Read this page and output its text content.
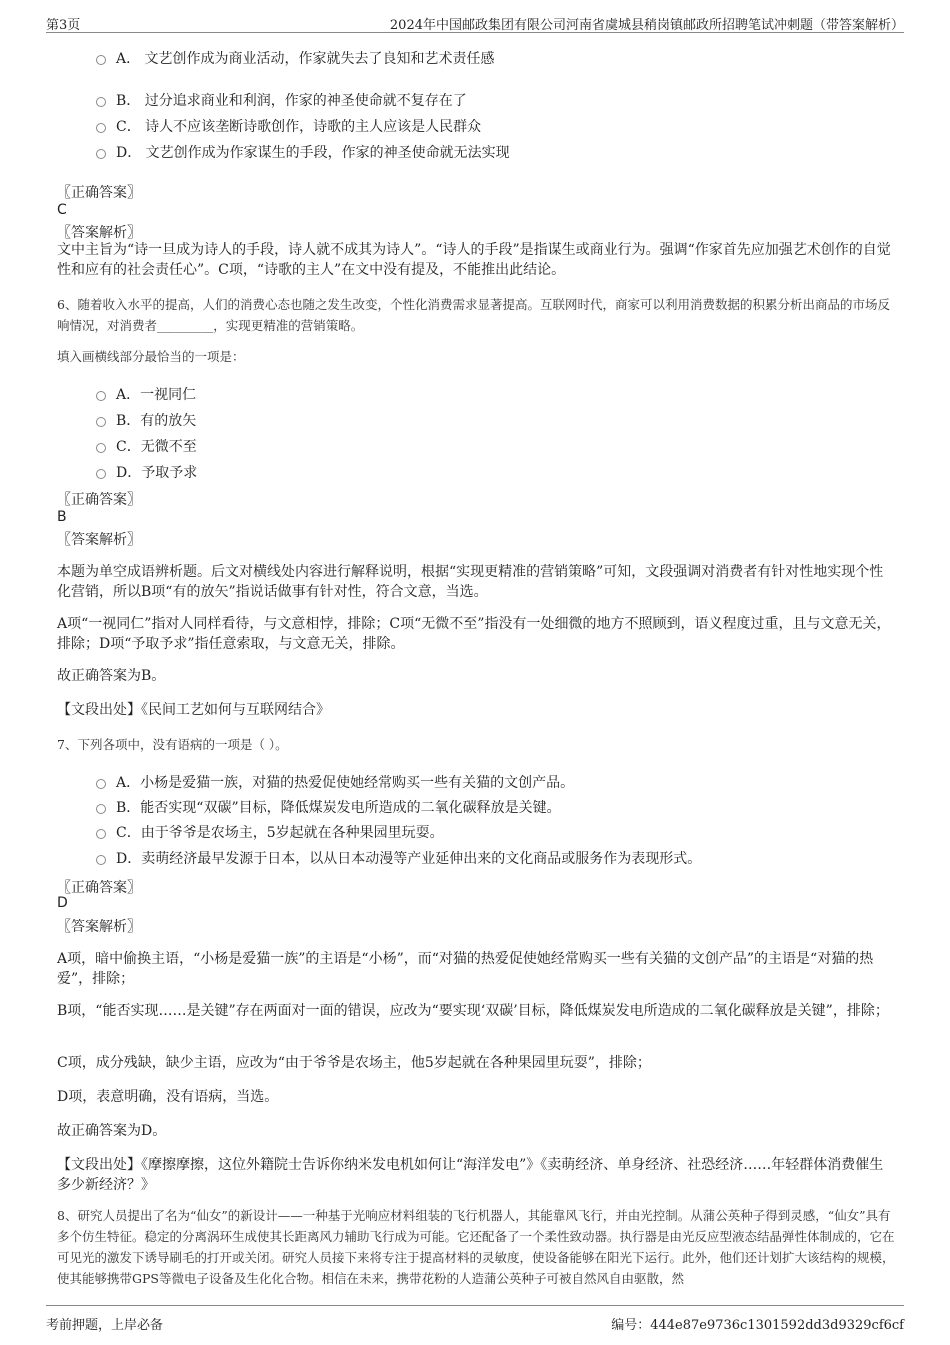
第3页	2024年中国邮政集团有限公司河南省虞城县稍岗镇邮政所招聘笔试冲刺题（带答案解析）
A． 文艺创作成为商业活动，作家就失去了良知和艺术责任感
B． 过分追求商业和利润，作家的神圣使命就不复存在了
C． 诗人不应该垄断诗歌创作，诗歌的主人应该是人民群众
D． 文艺创作成为作家谋生的手段，作家的神圣使命就无法实现
〖正确答案〗
C
〖答案解析〗
文中主旨为“诗一旦成为诗人的手段，诗人就不成其为诗人”。“诗人的手段”是指谋生或商业行为。强调“作家首先应加强艺术创作的自觉性和应有的社会责任心”。C项，“诗歌的主人”在文中没有提及，不能推出此结论。
6、随着收入水平的提高，人们的消费心态也随之发生改变，个性化消费需求显著提高。互联网时代，商家可以利用消费数据的积累分析出商品的市场反响情况，对消费者_________，实现更精准的营销策略。
填入画横线部分最恰当的一项是：
A．一视同仁
B．有的放矢
C．无微不至
D．予取予求
〖正确答案〗
B
〖答案解析〗
本题为单空成语辨析题。后文对横线处内容进行解释说明，根据“实现更精准的营销策略”可知，文段强调对消费者有针对性地实现个性化营销，所以B项“有的放矢”指说话做事有针对性，符合文意，当选。
A项“一视同仁”指对人同样看待，与文意相悖，排除；C项“无微不至”指没有一处细微的地方不照顾到，语义程度过重，且与文意无关，排除；D项“予取予求”指任意索取，与文意无关，排除。
故正确答案为B。
【文段出处】《民间工艺如何与互联网结合》
7、下列各项中，没有语病的一项是（ ）。
A．小杨是爱猫一族，对猫的热爱促使她经常购买一些有关猫的文创产品。
B．能否实现“双碳”目标，降低煤炭发电所造成的二氧化碳释放是关键。
C．由于爷爷是农场主，5岁起就在各种果园里玩耍。
D．卖萌经济最早发源于日本，以从日本动漫等产业延伸出来的文化商品或服务作为表现形式。
〖正确答案〗
D
〖答案解析〗
A项，暗中偷换主语，“小杨是爱猫一族”的主语是“小杨”，而“对猫的热爱促使她经常购买一些有关猫的文创产品”的主语是“对猫的热爱”，排除；
B项，“能否实现……是关键”存在两面对一面的错误，应改为“要实现‘双碳’目标，降低煤炭发电所造成的二氧化碳释放是关键”，排除；
C项，成分残缺，缺少主语，应改为“由于爷爷是农场主，他5岁起就在各种果园里玩耍”，排除；
D项，表意明确，没有语病，当选。
故正确答案为D。
【文段出处】《摩擦摩擦，这位外籍院士告诉你纳米发电机如何让“海洋发电”》《卖萌经济、单身经济、社恐经济……年轻群体消费催生多少新经济？》
8、研究人员提出了名为“仙女”的新设计——一种基于光响应材料组装的飞行机器人，其能靠风飞行，并由光控制。从蒲公英种子得到灵感，“仙女”具有多个仿生特征。稳定的分离涡环生成使其长距离风力辅助飞行成为可能。它还配备了一个柔性致动器。执行器是由光反应型液态结晶弹性体制成的，它在可见光的激发下诱导刷毛的打开或关闭。研究人员接下来将专注于提高材料的灵敏度，使设备能够在阳光下运行。此外，他们还计划扩大该结构的规模，使其能够携带GPS等微电子设备及生化化合物。相信在未来，携带花粉的人造蒲公英种子可被自然风自由驱散，然
考前押题，上岸必备	编号：444e87e9736c1301592dd3d9329cf6cf
